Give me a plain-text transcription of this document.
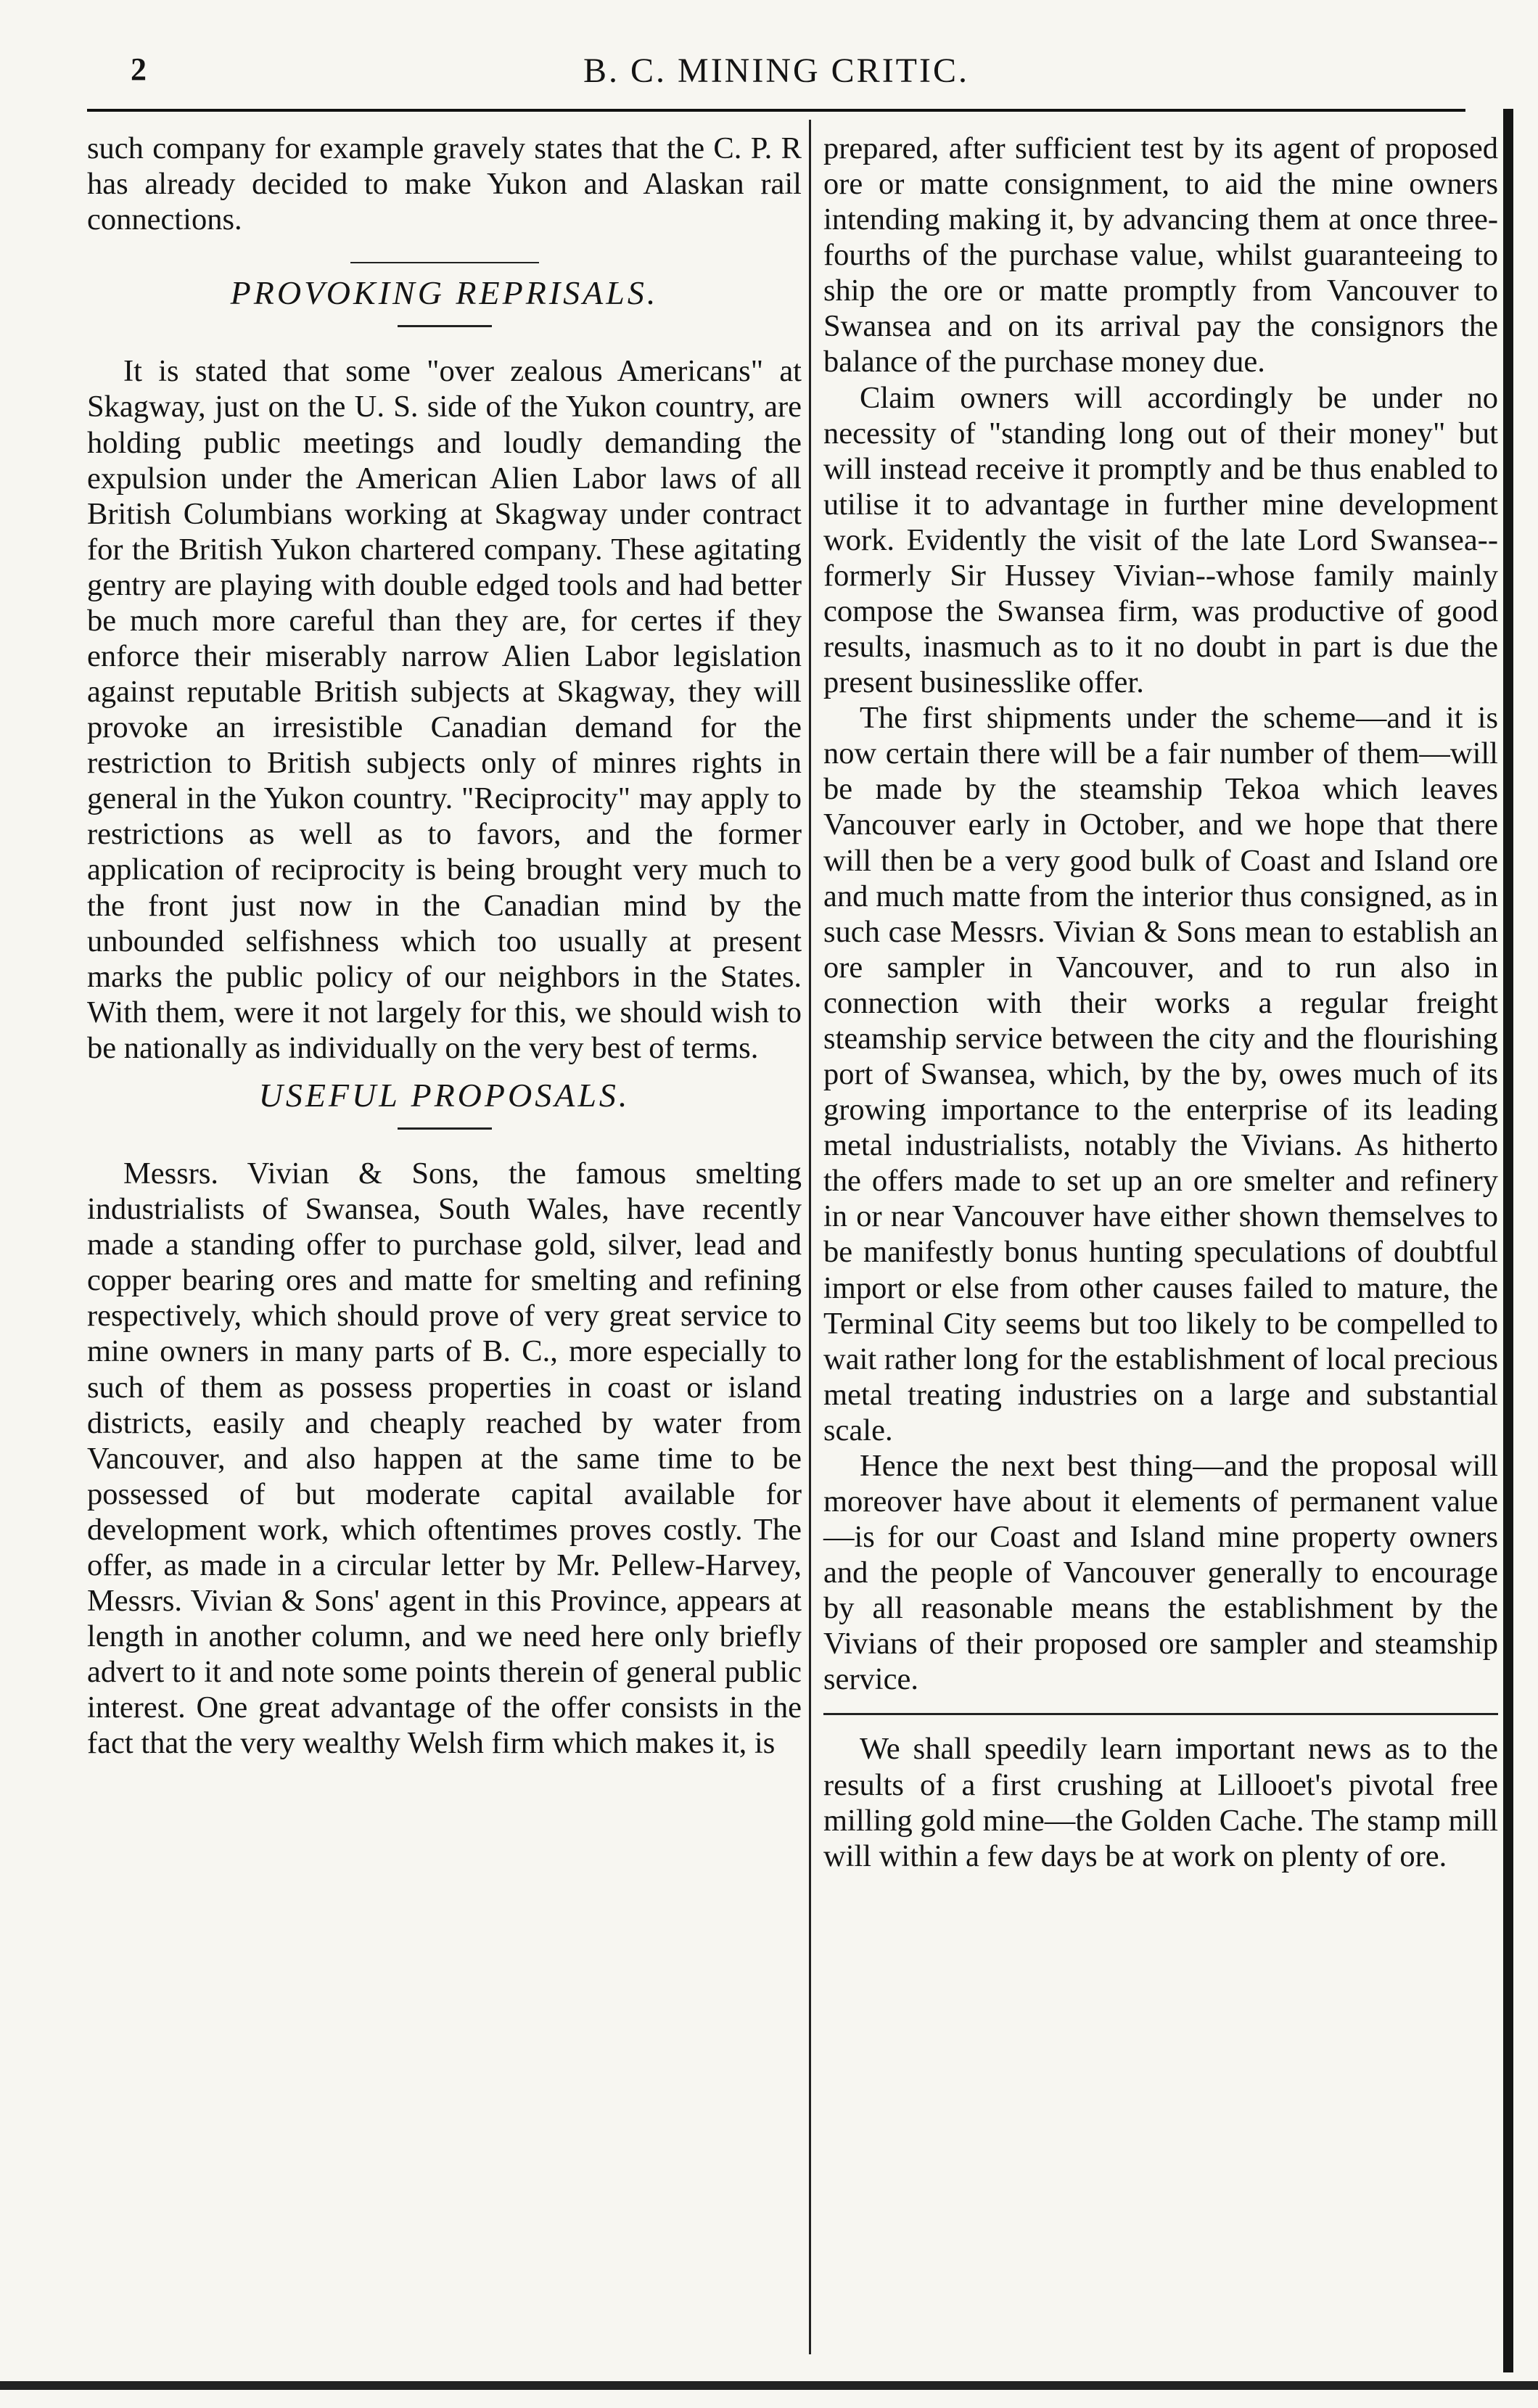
2	B. C. MINING CRITIC.

such company for example gravely states that the C. P. R has already decided to make Yukon and Alaskan rail connections.

PROVOKING REPRISALS.

It is stated that some "over zealous Americans" at Skagway, just on the U. S. side of the Yukon country, are holding public meetings and loudly demanding the expulsion under the American Alien Labor laws of all British Columbians working at Skagway under contract for the British Yukon chartered company. These agitating gentry are playing with double edged tools and had better be much more careful than they are, for certes if they enforce their miserably narrow Alien Labor legislation against reputable British subjects at Skagway, they will provoke an irresistible Canadian demand for the restriction to British subjects only of minres rights in general in the Yukon country. "Reciprocity" may apply to restrictions as well as to favors, and the former application of reciprocity is being brought very much to the front just now in the Canadian mind by the unbounded selfishness which too usually at present marks the public policy of our neighbors in the States. With them, were it not largely for this, we should wish to be nationally as individually on the very best of terms.

USEFUL PROPOSALS.

Messrs. Vivian & Sons, the famous smelting industrialists of Swansea, South Wales, have recently made a standing offer to purchase gold, silver, lead and copper bearing ores and matte for smelting and refining respectively, which should prove of very great service to mine owners in many parts of B. C., more especially to such of them as possess properties in coast or island districts, easily and cheaply reached by water from Vancouver, and also happen at the same time to be possessed of but moderate capital available for development work, which oftentimes proves costly. The offer, as made in a circular letter by Mr. Pellew-Harvey, Messrs. Vivian & Sons' agent in this Province, appears at length in another column, and we need here only briefly advert to it and note some points therein of general public interest. One great advantage of the offer consists in the fact that the very wealthy Welsh firm which makes it, is

prepared, after sufficient test by its agent of proposed ore or matte consignment, to aid the mine owners intending making it, by advancing them at once three-fourths of the purchase value, whilst guaranteeing to ship the ore or matte promptly from Vancouver to Swansea and on its arrival pay the consignors the balance of the purchase money due.

Claim owners will accordingly be under no necessity of "standing long out of their money" but will instead receive it promptly and be thus enabled to utilise it to advantage in further mine development work. Evidently the visit of the late Lord Swansea--formerly Sir Hussey Vivian--whose family mainly compose the Swansea firm, was productive of good results, inasmuch as to it no doubt in part is due the present businesslike offer.

The first shipments under the scheme—and it is now certain there will be a fair number of them—will be made by the steamship Tekoa which leaves Vancouver early in October, and we hope that there will then be a very good bulk of Coast and Island ore and much matte from the interior thus consigned, as in such case Messrs. Vivian & Sons mean to establish an ore sampler in Vancouver, and to run also in connection with their works a regular freight steamship service between the city and the flourishing port of Swansea, which, by the by, owes much of its growing importance to the enterprise of its leading metal industrialists, notably the Vivians. As hitherto the offers made to set up an ore smelter and refinery in or near Vancouver have either shown themselves to be manifestly bonus hunting speculations of doubtful import or else from other causes failed to mature, the Terminal City seems but too likely to be compelled to wait rather long for the establishment of local precious metal treating industries on a large and substantial scale.

Hence the next best thing—and the proposal will moreover have about it elements of permanent value—is for our Coast and Island mine property owners and the people of Vancouver generally to encourage by all reasonable means the establishment by the Vivians of their proposed ore sampler and steamship service.

We shall speedily learn important news as to the results of a first crushing at Lillooet's pivotal free milling gold mine—the Golden Cache. The stamp mill will within a few days be at work on plenty of ore.
